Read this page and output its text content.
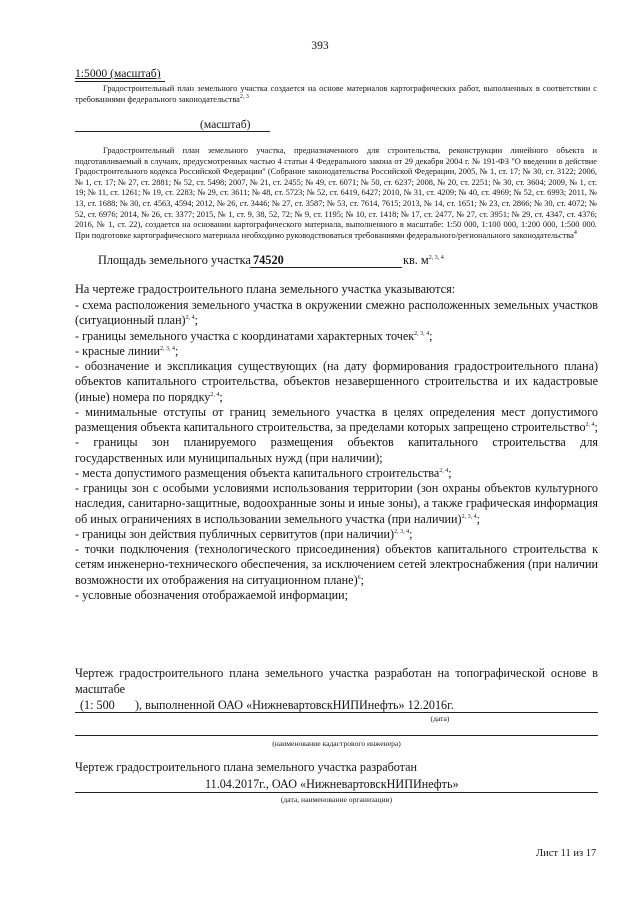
393
1:5000 (масштаб)
Градостроительный план земельного участка создается на основе материалов картографических работ, выполненных в соответствии с требованиями федерального законодательства$^{2, 3}$
(масштаб)
Градостроительный план земельного участка, предназначенного для строительства, реконструкции линейного объекта и подготавливаемый в случаях, предусмотренных частью 4 статьи 4 Федерального закона от 29 декабря 2004 г. № 191-ФЗ "О введении в действие Градостроительного кодекса Российской Федерации" (Собрание законодательства Российской Федерации, 2005, № 1, ст. 17; № 30, ст. 3122; 2006, № 1, ст. 17; № 27, ст. 2881; № 52, ст. 5498; 2007, № 21, ст. 2455; № 49, ст. 6071; № 50, ст. 6237; 2008, № 20, ст. 2251; № 30, ст. 3604; 2009, № 1, ст. 19; № 11, ст. 1261; № 19, ст. 2283; № 29, ст. 3611; № 48, ст. 5723; № 52, ст. 6419, 6427; 2010, № 31, ст. 4209; № 40, ст. 4969; № 52, ст. 6993; 2011, № 13, ст. 1688; № 30, ст. 4563, 4594; 2012, № 26, ст. 3446; № 27, ст. 3587; № 53, ст. 7614, 7615; 2013, № 14, ст. 1651; № 23, ст. 2866; № 30, ст. 4072; № 52, ст. 6976; 2014, № 26, ст. 3377; 2015, № 1, ст. 9, 38, 52, 72; № 9, ст. 1195; № 10, ст. 1418; № 17, ст. 2477, № 27, ст. 3951; № 29, ст. 4347, ст. 4376; 2016, № 1, ст. 22), создается на основании картографического материала, выполненного в масштабе: 1:50 000, 1:100 000, 1:200 000, 1:500 000. При подготовке картографического материала необходимо руководствоваться требованиями федерального/регионального законодательства$^4$
Площадь земельного участка 74520	кв. $м^{2, 3, 4}$
На чертеже градостроительного плана земельного участка указываются:
- схема расположения земельного участка в окружении смежно расположенных земельных участков (ситуационный план)$^{2, 4}$;
- границы земельного участка с координатами характерных точек$^{2, 3, 4}$;
- красные линии$^{2, 3, 4}$;
- обозначение и экспликация существующих (на дату формирования градостроительного плана) объектов капитального строительства, объектов незавершенного строительства и их кадастровые (иные) номера по порядку$^{2, 4}$;
- минимальные отступы от границ земельного участка в целях определения мест допустимого размещения объекта капитального строительства, за пределами которых запрещено строительство$^{2, 4}$;
- границы зон планируемого размещения объектов капитального строительства для государственных или муниципальных нужд (при наличии);
- места допустимого размещения объекта капитального строительства$^{2, 4}$;
- границы зон с особыми условиями использования территории (зон охраны объектов культурного наследия, санитарно-защитные, водоохранные зоны и иные зоны), а также графическая информация об иных ограничениях в использовании земельного участка (при наличии)$^{2, 3, 4}$;
- границы зон действия публичных сервитутов (при наличии)$^{2, 3, 4}$;
- точки подключения (технологического присоединения) объектов капитального строительства к сетям инженерно-технического обеспечения, за исключением сетей электроснабжения (при наличии возможности их отображения на ситуационном плане)$^6$;
- условные обозначения отображаемой информации;
Чертеж градостроительного плана земельного участка разработан на топографической основе в масштабе
(1: 500 ), выполненной ОАО «НижневартовскНИПИнефть» 12.2016г.
(дата)
(наименование кадастрового инженера)
Чертеж градостроительного плана земельного участка разработан
11.04.2017г., ОАО «НижневартовскНИПИнефть»
(дата, наименование организации)
Лист 11 из 17
